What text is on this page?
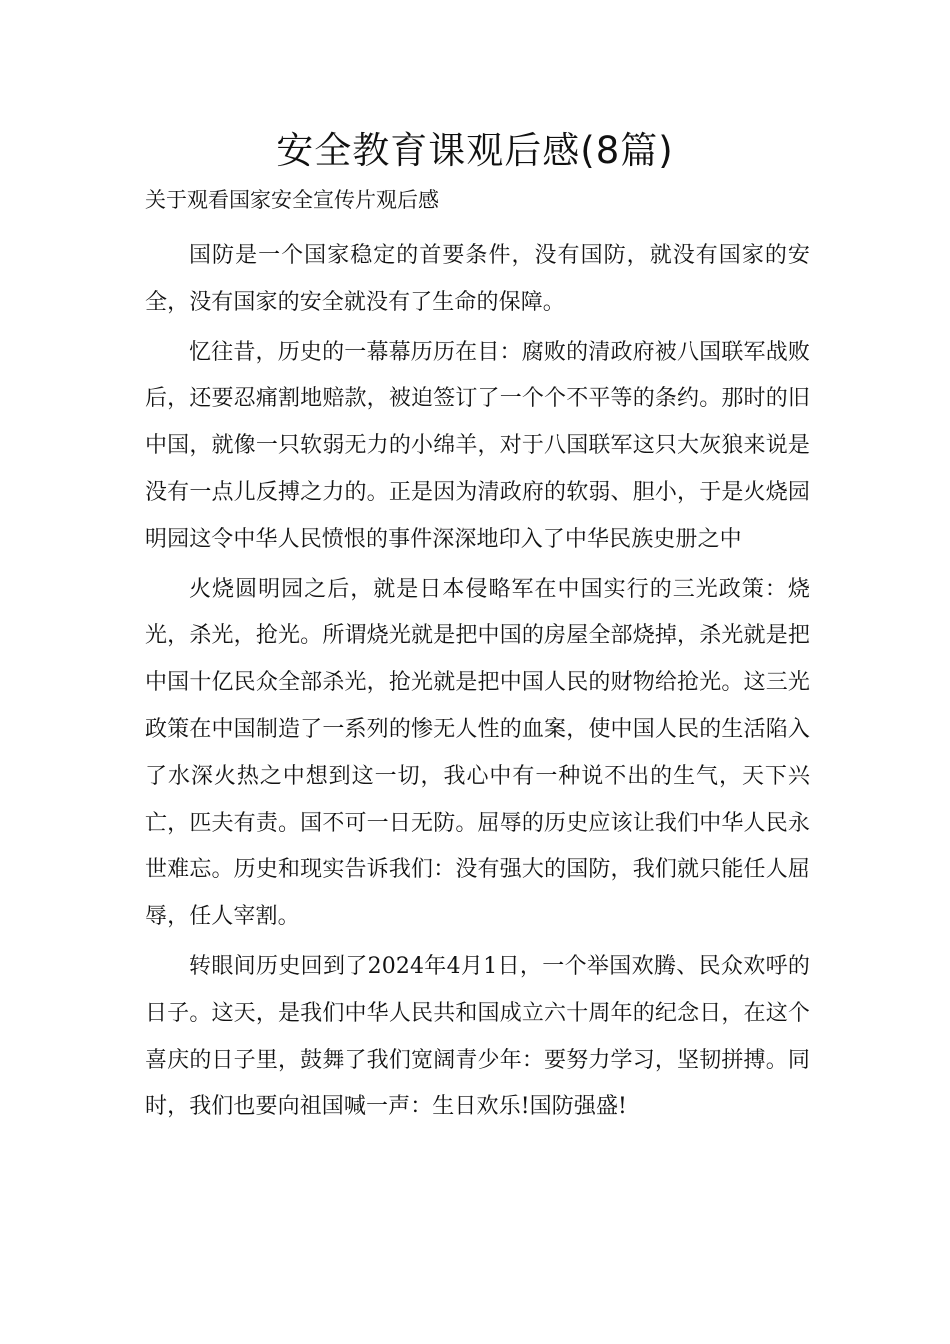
安全教育课观后感(8篇)

关于观看国家安全宣传片观后感

国防是一个国家稳定的首要条件，没有国防，就没有国家的安全，没有国家的安全就没有了生命的保障。

忆往昔，历史的一幕幕历历在目：腐败的清政府被八国联军战败后，还要忍痛割地赔款，被迫签订了一个个不平等的条约。那时的旧中国，就像一只软弱无力的小绵羊，对于八国联军这只大灰狼来说是没有一点儿反搏之力的。正是因为清政府的软弱、胆小，于是火烧园明园这令中华人民愤恨的事件深深地印入了中华民族史册之中

火烧圆明园之后，就是日本侵略军在中国实行的三光政策：烧光，杀光，抢光。所谓烧光就是把中国的房屋全部烧掉，杀光就是把中国十亿民众全部杀光，抢光就是把中国人民的财物给抢光。这三光政策在中国制造了一系列的惨无人性的血案，使中国人民的生活陷入了水深火热之中想到这一切，我心中有一种说不出的生气，天下兴亡，匹夫有责。国不可一日无防。屈辱的历史应该让我们中华人民永世难忘。历史和现实告诉我们：没有强大的国防，我们就只能任人屈辱，任人宰割。

转眼间历史回到了2024年4月1日，一个举国欢腾、民众欢呼的日子。这天，是我们中华人民共和国成立六十周年的纪念日，在这个喜庆的日子里，鼓舞了我们宽阔青少年：要努力学习，坚韧拼搏。同时，我们也要向祖国喊一声：生日欢乐!国防强盛!
